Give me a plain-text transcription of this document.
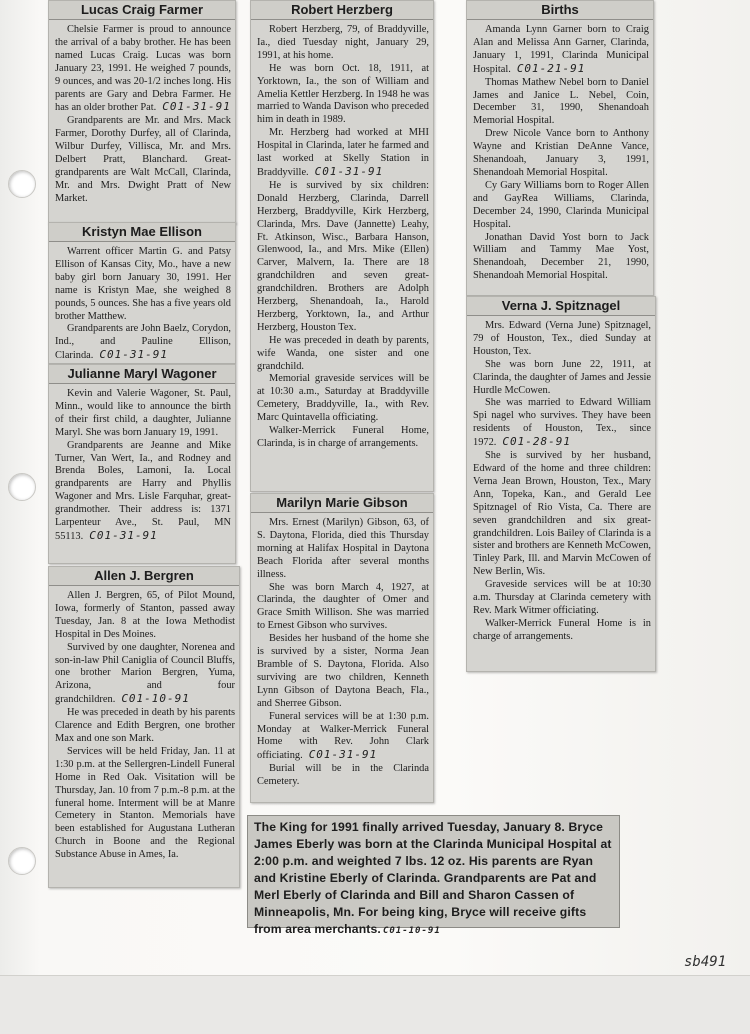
Lucas Craig Farmer

Chelsie Farmer is proud to announce the arrival of a baby brother. He has been named Lucas Craig. Lucas was born January 23, 1991. He weighed 7 pounds, 9 ounces, and was 20-1/2 inches long. His parents are Gary and Debra Farmer. He has an older brother Pat. C01-31-91

Grandparents are Mr. and Mrs. Mack Farmer, Dorothy Durfey, all of Clarinda, Wilbur Durfey, Villisca, Mr. and Mrs. Delbert Pratt, Blanchard. Great-grandparents are Walt McCall, Clarinda, Mr. and Mrs. Dwight Pratt of New Market.

Kristyn Mae Ellison

Warrent officer Martin G. and Patsy Ellison of Kansas City, Mo., have a new baby girl born January 30, 1991. Her name is Kristyn Mae, she weighed 8 pounds, 5 ounces. She has a five years old brother Matthew.

Grandparents are John Baelz, Corydon, Ind., and Pauline Ellison, Clarinda. C01-31-91

Julianne Maryl Wagoner

Kevin and Valerie Wagoner, St. Paul, Minn., would like to announce the birth of their first child, a daughter, Julianne Maryl. She was born January 19, 1991.

Grandparents are Jeanne and Mike Turner, Van Wert, Ia., and Rodney and Brenda Boles, Lamoni, Ia. Local grandparents are Harry and Phyllis Wagoner and Mrs. Lisle Farquhar, great-grandmother. Their address is: 1371 Larpenteur Ave., St. Paul, MN 55113. C01-31-91

Allen J. Bergren

Allen J. Bergren, 65, of Pilot Mound, Iowa, formerly of Stanton, passed away Tuesday, Jan. 8 at the Iowa Methodist Hospital in Des Moines.

Survived by one daughter, Norenea and son-in-law Phil Caniglia of Council Bluffs, one brother Marion Bergren, Yuma, Arizona, and four grandchildren. C01-10-91

He was preceded in death by his parents Clarence and Edith Bergren, one brother Max and one son Mark.

Services will be held Friday, Jan. 11 at 1:30 p.m. at the Sellergren-Lindell Funeral Home in Red Oak. Visitation will be Thursday, Jan. 10 from 7 p.m.-8 p.m. at the funeral home. Interment will be at Manre Cemetery in Stanton. Memorials have been established for Augustana Lutheran Church in Boone and the Regional Substance Abuse in Ames, Ia.

Robert Herzberg

Robert Herzberg, 79, of Braddyville, Ia., died Tuesday night, January 29, 1991, at his home.

He was born Oct. 18, 1911, at Yorktown, Ia., the son of William and Amelia Kettler Herzberg. In 1948 he was married to Wanda Davison who preceded him in death in 1989.

Mr. Herzberg had worked at MHI Hospital in Clarinda, later he farmed and last worked at Skelly Station in Braddyville. C01-31-91

He is survived by six children: Donald Herzberg, Clarinda, Darrell Herzberg, Braddyville, Kirk Herzberg, Clarinda, Mrs. Dave (Jannette) Leahy, Ft. Atkinson, Wisc., Barbara Hanson, Glenwood, Ia., and Mrs. Mike (Ellen) Carver, Malvern, Ia. There are 18 grandchildren and seven great-grandchildren. Brothers are Adolph Herzberg, Shenandoah, Ia., Harold Herzberg, Yorktown, Ia., and Arthur Herzberg, Houston Tex.

He was preceded in death by parents, wife Wanda, one sister and one grandchild.

Memorial graveside services will be at 10:30 a.m., Saturday at Braddyville Cemetery, Braddyville, Ia., with Rev. Marc Quintavella officiating.

Walker-Merrick Funeral Home, Clarinda, is in charge of arrangements.

Marilyn Marie Gibson

Mrs. Ernest (Marilyn) Gibson, 63, of S. Daytona, Florida, died this Thursday morning at Halifax Hospital in Daytona Beach Florida after several months illness.

She was born March 4, 1927, at Clarinda, the daughter of Omer and Grace Smith Willison. She was married to Ernest Gibson who survives.

Besides her husband of the home she is survived by a sister, Norma Jean Bramble of S. Daytona, Florida. Also surviving are two children, Kenneth Lynn Gibson of Daytona Beach, Fla., and Sherree Gibson.

Funeral services will be at 1:30 p.m. Monday at Walker-Merrick Funeral Home with Rev. John Clark officiating. C01-31-91

Burial will be in the Clarinda Cemetery.

Births

Amanda Lynn Garner born to Craig Alan and Melissa Ann Garner, Clarinda, January 1, 1991, Clarinda Municipal Hospital. C01-21-91

Thomas Mathew Nebel born to Daniel James and Janice L. Nebel, Coin, December 31, 1990, Shenandoah Memorial Hospital.

Drew Nicole Vance born to Anthony Wayne and Kristian DeAnne Vance, Shenandoah, January 3, 1991, Shenandoah Memorial Hospital.

Cy Gary Williams born to Roger Allen and GayRea Williams, Clarinda, December 24, 1990, Clarinda Municipal Hospital.

Jonathan David Yost born to Jack William and Tammy Mae Yost, Shenandoah, December 21, 1990, Shenandoah Memorial Hospital.

Verna J. Spitznagel

Mrs. Edward (Verna June) Spitznagel, 79 of Houston, Tex., died Sunday at Houston, Tex.

She was born June 22, 1911, at Clarinda, the daughter of James and Jessie Hurdle McCowen.

She was married to Edward William Spi nagel who survives. They have been residents of Houston, Tex., since 1972. C01-28-91

She is survived by her husband, Edward of the home and three children: Verna Jean Brown, Houston, Tex., Mary Ann, Topeka, Kan., and Gerald Lee Spitznagel of Rio Vista, Ca. There are seven grandchildren and six great-grandchildren. Lois Bailey of Clarinda is a sister and brothers are Kenneth McCowen, Tinley Park, Ill. and Marvin McCowen of New Berlin, Wis.

Graveside services will be at 10:30 a.m. Thursday at Clarinda cemetery with Rev. Mark Witmer officiating.

Walker-Merrick Funeral Home is in charge of arrangements.

The King for 1991 finally arrived Tuesday, January 8. Bryce James Eberly was born at the Clarinda Municipal Hospital at 2:00 p.m. and weighted 7 lbs. 12 oz. His parents are Ryan and Kristine Eberly of Clarinda. Grandparents are Pat and Merl Eberly of Clarinda and Bill and Sharon Cassen of Minneapolis, Mn. For being king, Bryce will receive gifts from area merchants. C01-10-91
sb491
